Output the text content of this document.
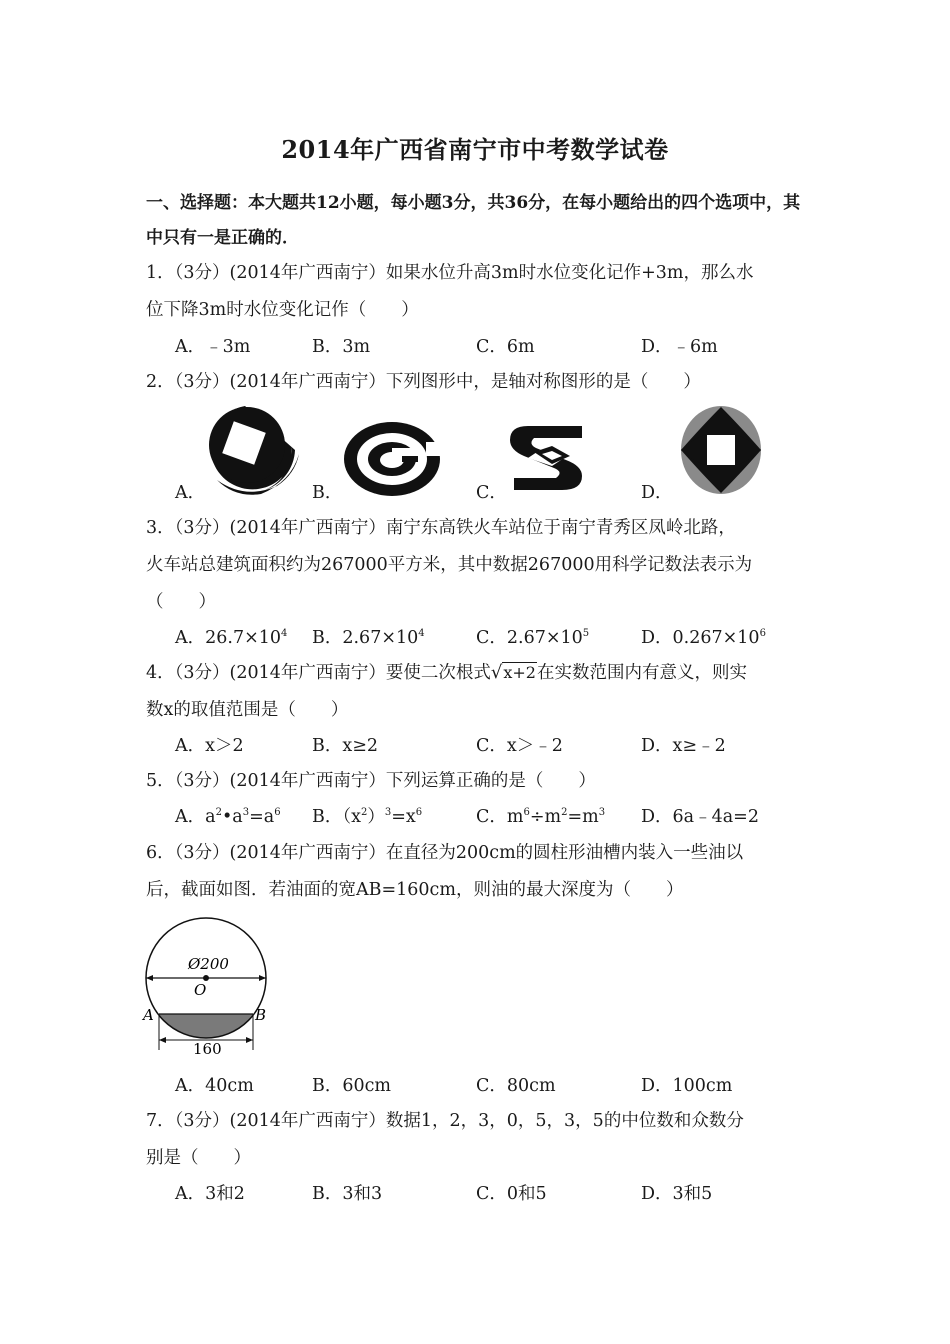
2014年广西省南宁市中考数学试卷
一、选择题：本大题共12小题，每小题3分，共36分，在每小题给出的四个选项中，其中只有一是正确的．
1．（3分）(2014年广西南宁）如果水位升高3m时水位变化记作+3m，那么水
位下降3m时水位变化记作（　　）
A．﹣3m	B．3m	C．6m	D．﹣6m
2．（3分）(2014年广西南宁）下列图形中，是轴对称图形的是（　　）
A．	B．	C．	D．
3．（3分）(2014年广西南宁）南宁东高铁火车站位于南宁青秀区凤岭北路，
火车站总建筑面积约为267000平方米，其中数据267000用科学记数法表示为
（　　）
A．$26.7\times 10^4$ B．$2.67\times 10^4$	C．$2.67\times 10^5$	D．$0.267\times 10^6$
4．（3分）(2014年广西南宁）要使二次根式√x+2在实数范围内有意义，则实
数x的取值范围是（　　）
A．x＞2	B．x≥2	C．x＞﹣2	D．x≥﹣2
5．（3分）(2014年广西南宁）下列运算正确的是（　　）
A．$a^2•a^3=a^6$ B．$(x^2)^3=x^6$	C．$m^6\div m^2=m^3$ D．6a﹣4a=2
6．（3分）(2014年广西南宁）在直径为200cm的圆柱形油槽内装入一些油以
后，截面如图．若油面的宽AB=160cm，则油的最大深度为（　　）
Ø200
O
A	B
160
A．40cm	B．60cm	C．80cm	D．100cm
7．（3分）(2014年广西南宁）数据1，2，3，0，5，3，5的中位数和众数分
别是（　　）
A．3和2	B．3和3	C．0和5	D．3和5
